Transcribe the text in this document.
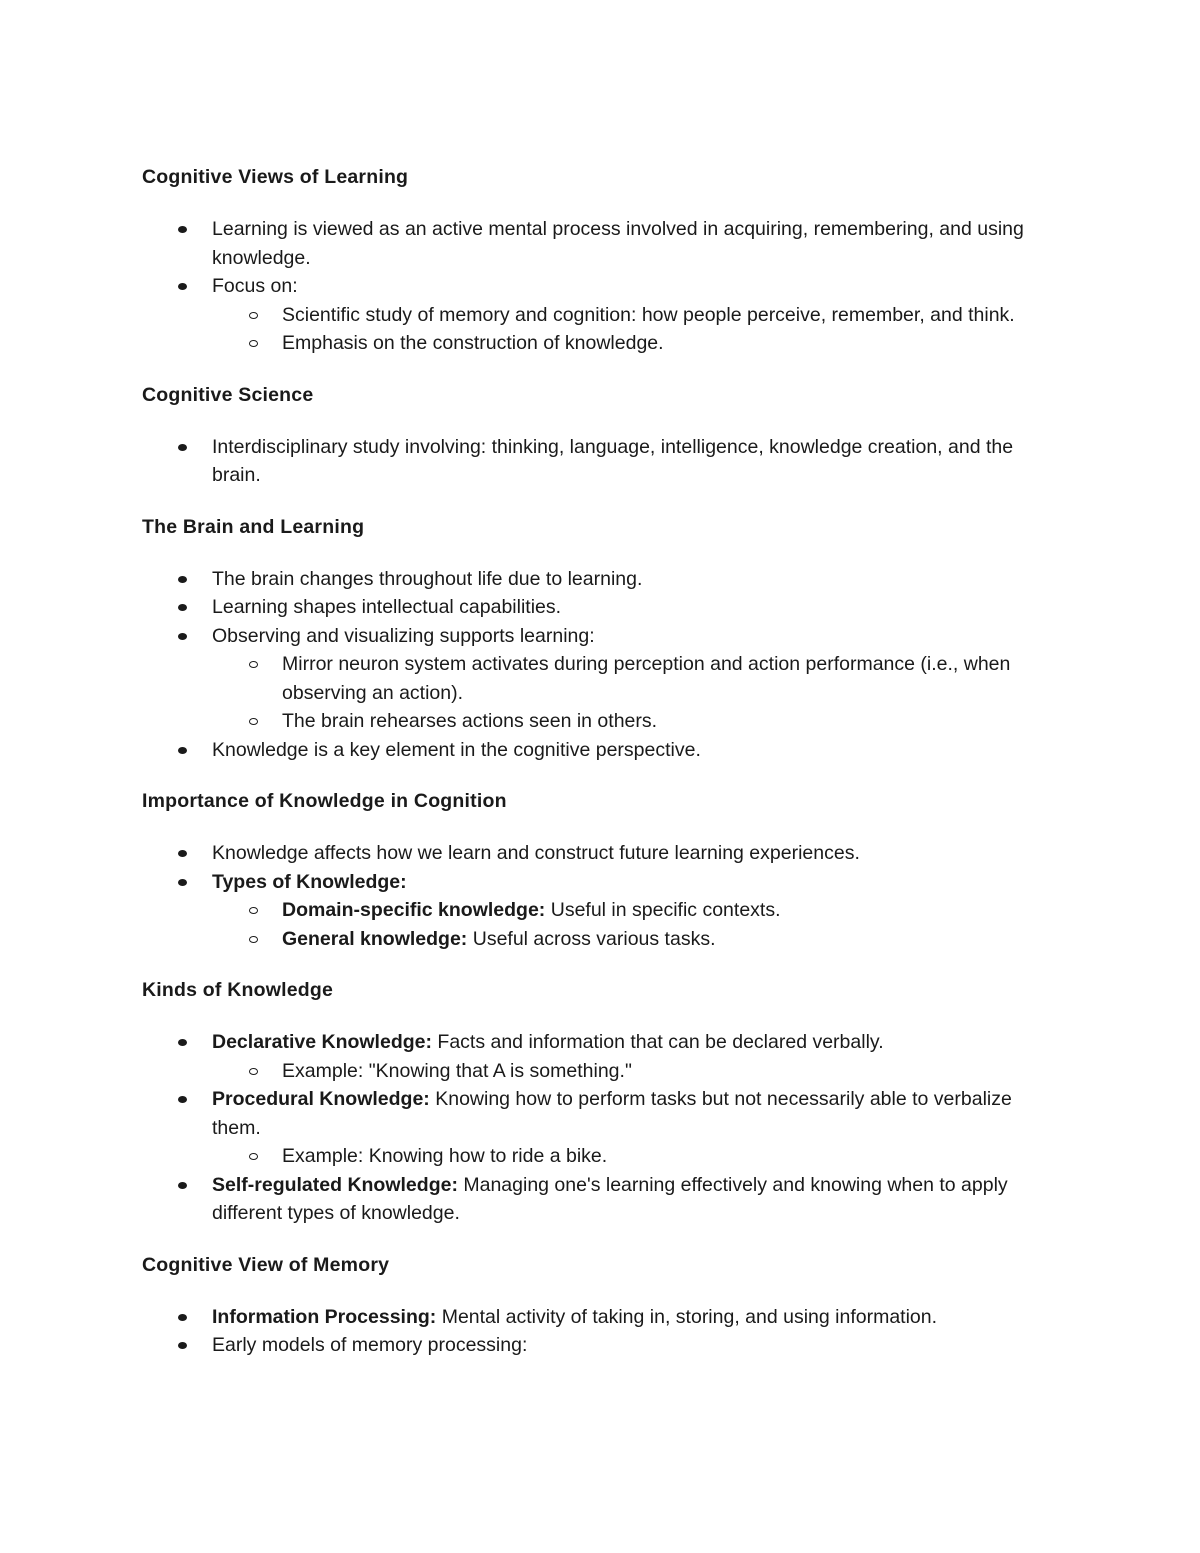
Cognitive Views of Learning
Learning is viewed as an active mental process involved in acquiring, remembering, and using knowledge.
Focus on:
Scientific study of memory and cognition: how people perceive, remember, and think.
Emphasis on the construction of knowledge.
Cognitive Science
Interdisciplinary study involving: thinking, language, intelligence, knowledge creation, and the brain.
The Brain and Learning
The brain changes throughout life due to learning.
Learning shapes intellectual capabilities.
Observing and visualizing supports learning:
Mirror neuron system activates during perception and action performance (i.e., when observing an action).
The brain rehearses actions seen in others.
Knowledge is a key element in the cognitive perspective.
Importance of Knowledge in Cognition
Knowledge affects how we learn and construct future learning experiences.
Types of Knowledge:
Domain-specific knowledge: Useful in specific contexts.
General knowledge: Useful across various tasks.
Kinds of Knowledge
Declarative Knowledge: Facts and information that can be declared verbally.
Example: "Knowing that A is something."
Procedural Knowledge: Knowing how to perform tasks but not necessarily able to verbalize them.
Example: Knowing how to ride a bike.
Self-regulated Knowledge: Managing one's learning effectively and knowing when to apply different types of knowledge.
Cognitive View of Memory
Information Processing: Mental activity of taking in, storing, and using information.
Early models of memory processing:
